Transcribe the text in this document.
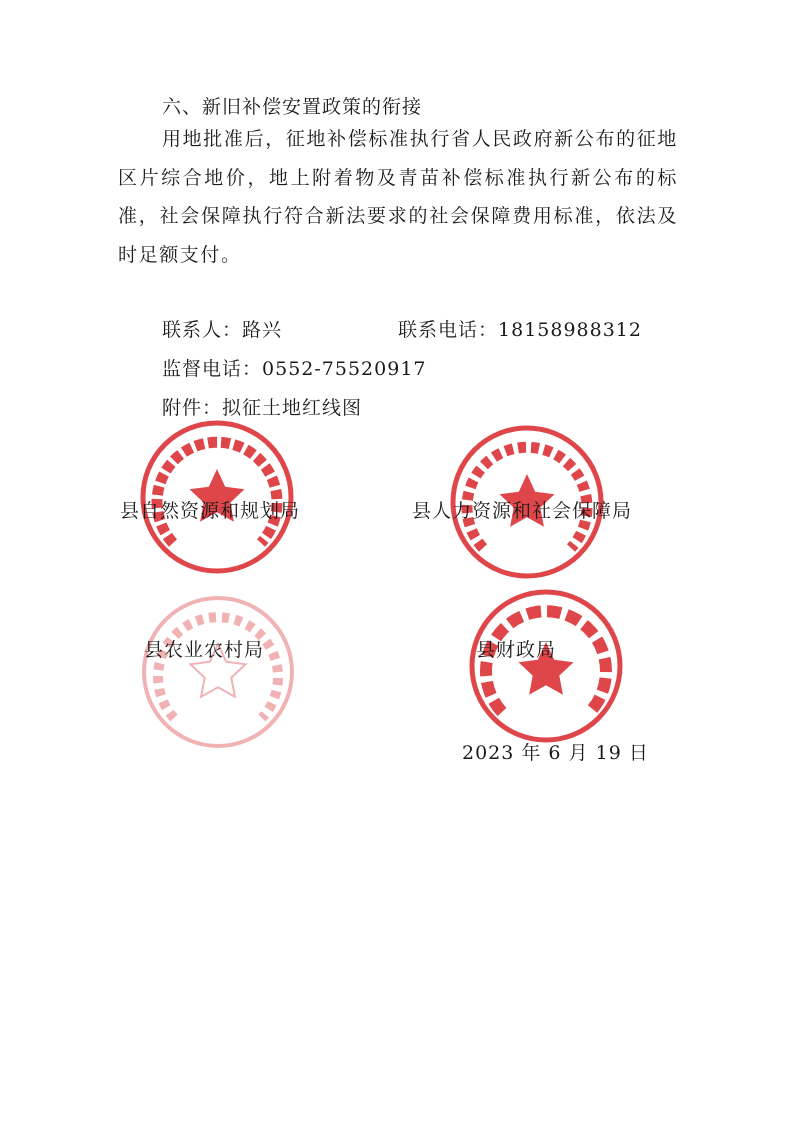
六、新旧补偿安置政策的衔接
用地批准后，征地补偿标准执行省人民政府新公布的征地区片综合地价，地上附着物及青苗补偿标准执行新公布的标准，社会保障执行符合新法要求的社会保障费用标准，依法及时足额支付。
联系人：路兴	联系电话：18158988312
监督电话：0552-75520917
附件：拟征土地红线图
县自然资源和规划局	县人力资源和社会保障局
县农业农村局	县财政局
2023 年 6 月 19 日
